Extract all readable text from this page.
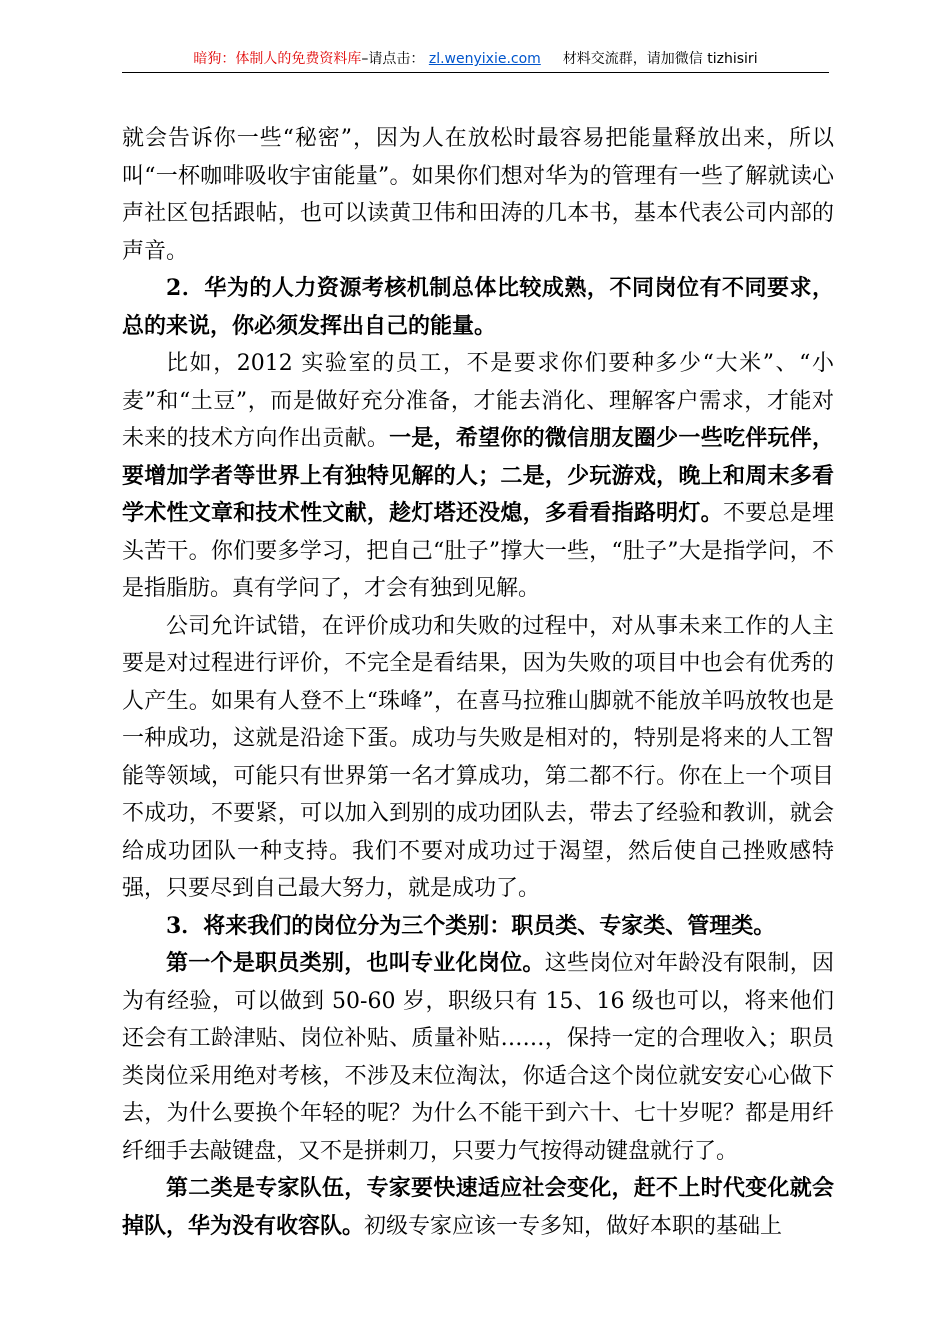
暗狗：体制人的免费资料库–请点击： zl.wenyixie.com 材料交流群，请加微信 tizhisiri

就会告诉你一些“秘密”，因为人在放松时最容易把能量释放出来，所以叫“一杯咖啡吸收宇宙能量”。如果你们想对华为的管理有一些了解就读心声社区包括跟帖，也可以读黄卫伟和田涛的几本书，基本代表公司内部的声音。

2．华为的人力资源考核机制总体比较成熟，不同岗位有不同要求，总的来说，你必须发挥出自己的能量。

比如，2012 实验室的员工，不是要求你们要种多少“大米”、“小麦”和“土豆”，而是做好充分准备，才能去消化、理解客户需求，才能对未来的技术方向作出贡献。一是，希望你的微信朋友圈少一些吃伴玩伴，要增加学者等世界上有独特见解的人；二是，少玩游戏，晚上和周末多看学术性文章和技术性文献，趁灯塔还没熄，多看看指路明灯。不要总是埋头苦干。你们要多学习，把自己“肚子”撑大一些，“肚子”大是指学问，不是指脂肪。真有学问了，才会有独到见解。

公司允许试错，在评价成功和失败的过程中，对从事未来工作的人主要是对过程进行评价，不完全是看结果，因为失败的项目中也会有优秀的人产生。如果有人登不上“珠峰”，在喜马拉雅山脚就不能放羊吗放牧也是一种成功，这就是沿途下蛋。成功与失败是相对的，特别是将来的人工智能等领域，可能只有世界第一名才算成功，第二都不行。你在上一个项目不成功，不要紧，可以加入到别的成功团队去，带去了经验和教训，就会给成功团队一种支持。我们不要对成功过于渴望，然后使自己挫败感特强，只要尽到自己最大努力，就是成功了。

3．将来我们的岗位分为三个类别：职员类、专家类、管理类。

第一个是职员类别，也叫专业化岗位。这些岗位对年龄没有限制，因为有经验，可以做到 50-60 岁，职级只有 15、16 级也可以，将来他们还会有工龄津贴、岗位补贴、质量补贴……，保持一定的合理收入；职员类岗位采用绝对考核，不涉及末位淘汰，你适合这个岗位就安安心心做下去，为什么要换个年轻的呢？为什么不能干到六十、七十岁呢？都是用纤纤细手去敲键盘，又不是拼刺刀，只要力气按得动键盘就行了。

第二类是专家队伍，专家要快速适应社会变化，赶不上时代变化就会掉队，华为没有收容队。初级专家应该一专多知，做好本职的基础上
